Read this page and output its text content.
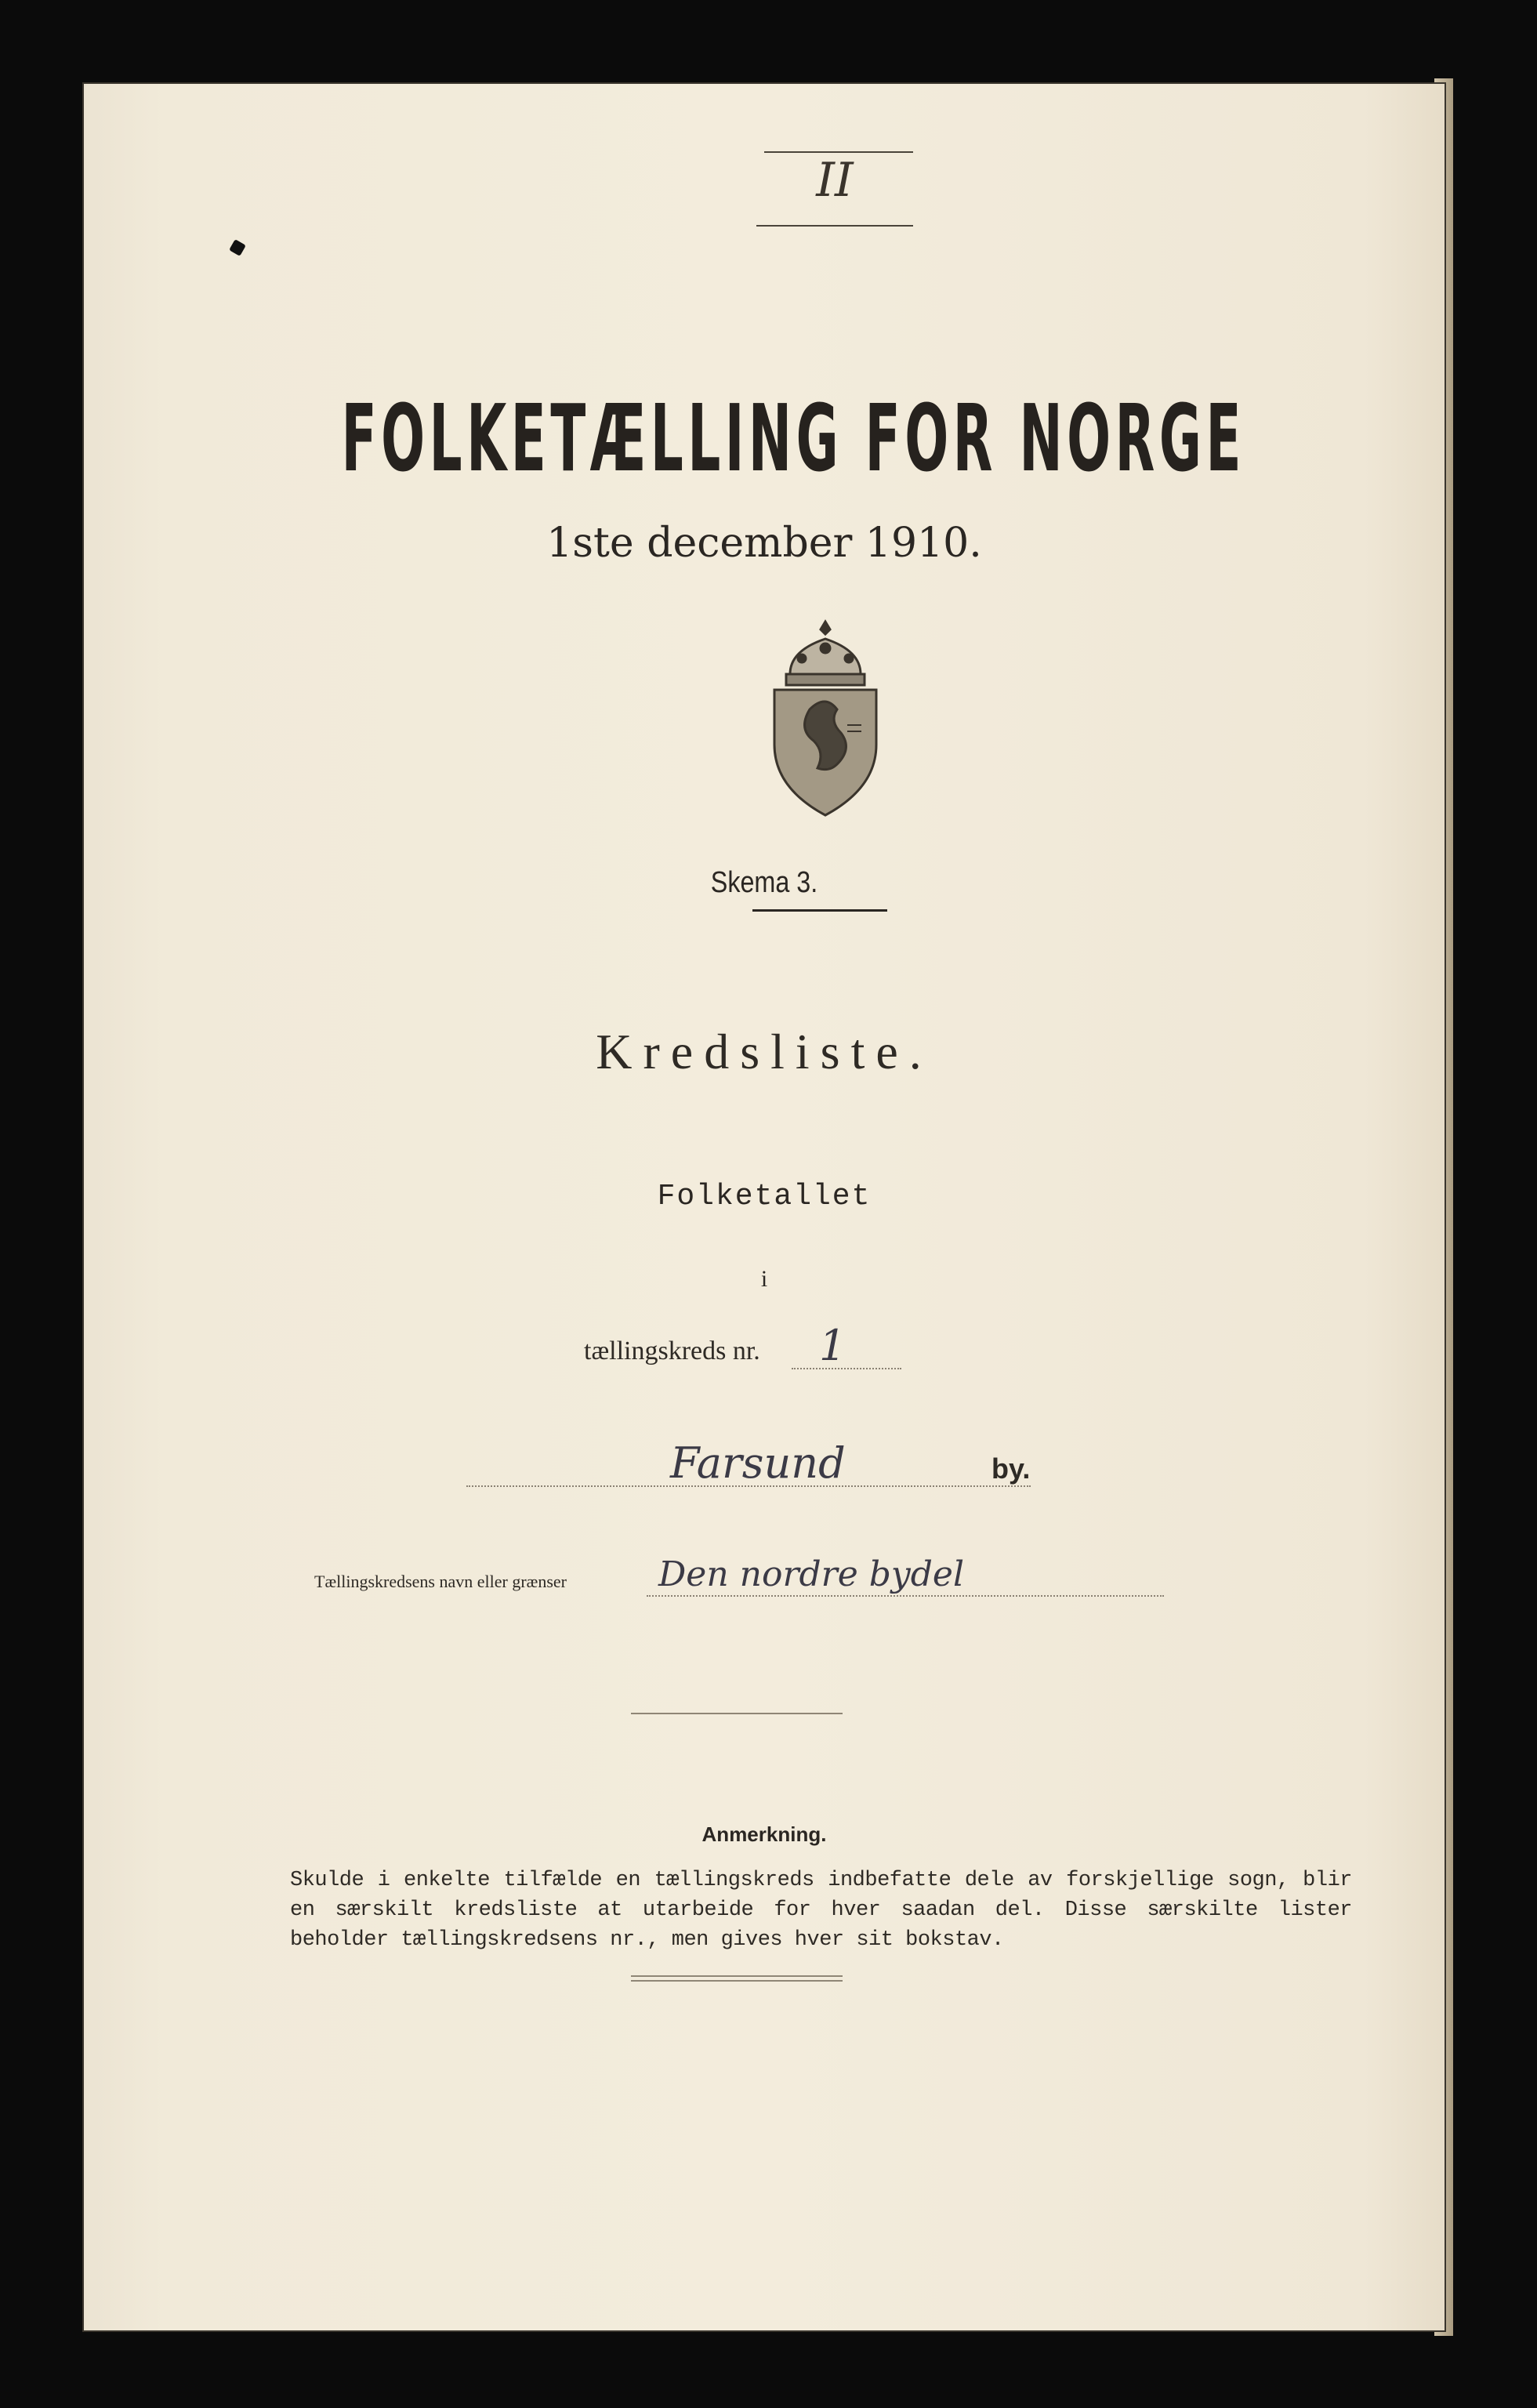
II
FOLKETÆLLING FOR NORGE
1ste december 1910.
Skema 3.
Kredsliste.
Folketallet
i
tællingskreds nr. 1
Farsund	by.
Tællingskredsens navn eller grænser	Den nordre bydel
Anmerkning.
Skulde i enkelte tilfælde en tællingskreds indbefatte dele av forskjellige sogn, blir en særskilt kredsliste at utarbeide for hver saadan del. Disse særskilte lister beholder tællingskredsens nr., men gives hver sit bokstav.
